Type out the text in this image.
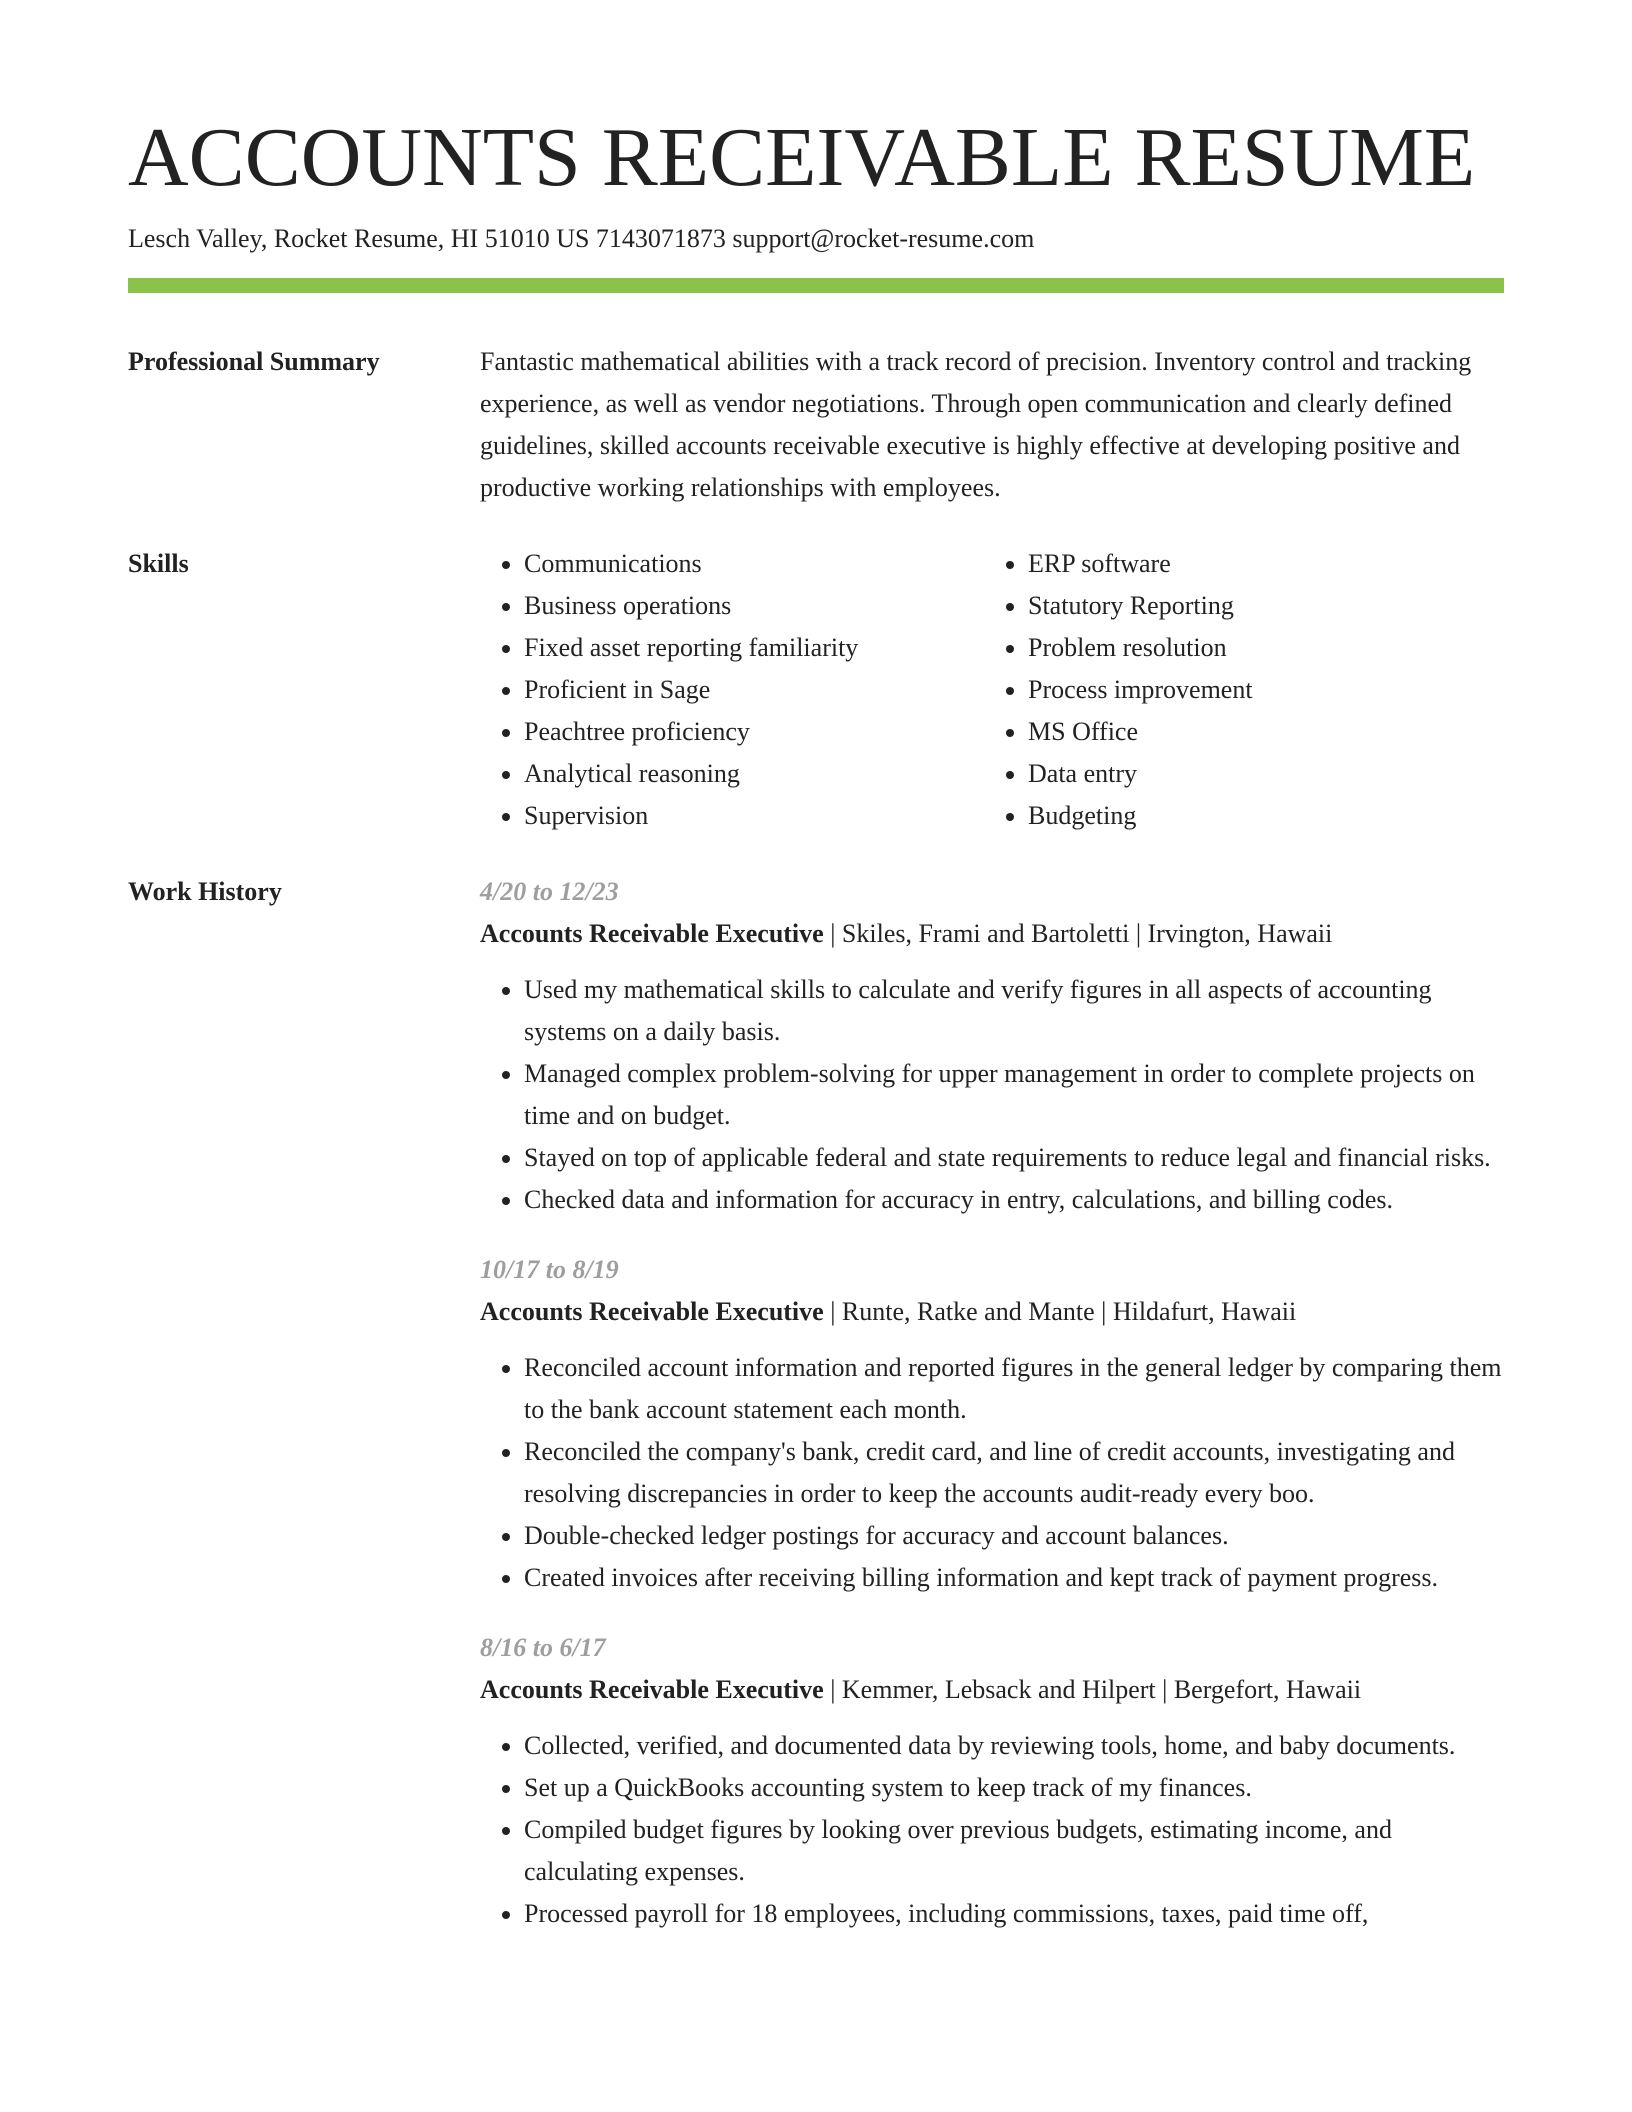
ACCOUNTS RECEIVABLE RESUME
Lesch Valley, Rocket Resume, HI 51010 US 7143071873 support@rocket-resume.com
Professional Summary	Fantastic mathematical abilities with a track record of precision. Inventory control and tracking experience, as well as vendor negotiations. Through open communication and clearly defined guidelines, skilled accounts receivable executive is highly effective at developing positive and productive working relationships with employees.

Skills
•	Communications
• Business operations
• Fixed asset reporting familiarity
• Proficient in Sage
• Peachtree proficiency
• Analytical reasoning
• Supervision
• ERP software
• Statutory Reporting
• Problem resolution
• Process improvement
• MS Office
• Data entry
• Budgeting
Work History	4/20 to 12/23
Accounts Receivable Executive | Skiles, Frami and Bartoletti | Irvington, Hawaii
• Used my mathematical skills to calculate and verify figures in all aspects of accounting systems on a daily basis.
• Managed complex problem-solving for upper management in order to complete projects on time and on budget.
• Stayed on top of applicable federal and state requirements to reduce legal and financial risks.
• Checked data and information for accuracy in entry, calculations, and billing codes.
10/17 to 8/19
Accounts Receivable Executive | Runte, Ratke and Mante | Hildafurt, Hawaii
• Reconciled account information and reported figures in the general ledger by comparing them to the bank account statement each month.
• Reconciled the company's bank, credit card, and line of credit accounts, investigating and resolving discrepancies in order to keep the accounts audit-ready every boo.
• Double-checked ledger postings for accuracy and account balances.
• Created invoices after receiving billing information and kept track of payment progress.
8/16 to 6/17
Accounts Receivable Executive | Kemmer, Lebsack and Hilpert | Bergefort, Hawaii
• Collected, verified, and documented data by reviewing tools, home, and baby documents.
• Set up a QuickBooks accounting system to keep track of my finances.
• Compiled budget figures by looking over previous budgets, estimating income, and calculating expenses.
• Processed payroll for 18 employees, including commissions, taxes, paid time off,
